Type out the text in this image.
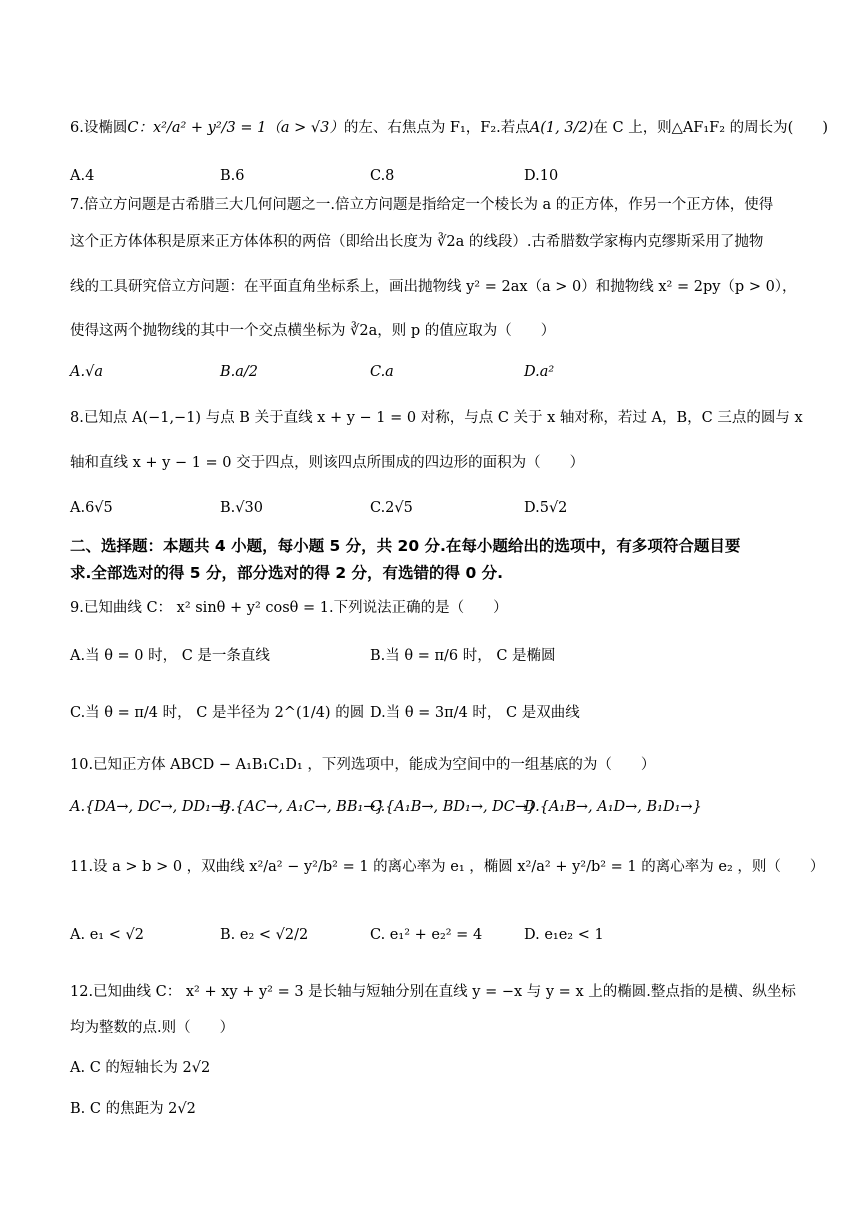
6.设椭圆C：x²/a² + y²/3 = 1（a > √3）的左、右焦点为 F₁，F₂.若点A(1, 3/2)在 C 上，则△AF₁F₂ 的周长为(　　)
A.4	B.6	C.8	D.10
7.倍立方问题是古希腊三大几何问题之一.倍立方问题是指给定一个棱长为 a 的正方体，作另一个正方体，使得
这个正方体体积是原来正方体体积的两倍（即给出长度为 ∛2a 的线段）.古希腊数学家梅内克缪斯采用了抛物
线的工具研究倍立方问题：在平面直角坐标系上，画出抛物线 y² = 2ax（a > 0）和抛物线 x² = 2py（p > 0），
使得这两个抛物线的其中一个交点横坐标为 ∛2a，则 p 的值应取为（　　）
A.√a	B.a/2	C.a	D.a²
8.已知点 A(−1,−1) 与点 B 关于直线 x + y − 1 = 0 对称，与点 C 关于 x 轴对称，若过 A，B，C 三点的圆与 x
轴和直线 x + y − 1 = 0 交于四点，则该四点所围成的四边形的面积为（　　）
A.6√5	B.√30	C.2√5	D.5√2
二、选择题：本题共 4 小题，每小题 5 分，共 20 分.在每小题给出的选项中，有多项符合题目要
求.全部选对的得 5 分，部分选对的得 2 分，有选错的得 0 分.
9.已知曲线 C： x² sinθ + y² cosθ = 1.下列说法正确的是（　　）
A.当 θ = 0 时， C 是一条直线	B.当 θ = π/6 时， C 是椭圆
C.当 θ = π/4 时， C 是半径为 2^(1/4) 的圆 D.当 θ = 3π/4 时， C 是双曲线
10.已知正方体 ABCD − A₁B₁C₁D₁ ，下列选项中，能成为空间中的一组基底的为（　　）
A.{DA→, DC→, DD₁→}
B.{AC→, A₁C→, BB₁→}
C.{A₁B→, BD₁→, DC→}
D.{A₁B→, A₁D→, B₁D₁→}
11.设 a > b > 0 ，双曲线 x²/a² − y²/b² = 1 的离心率为 e₁ ，椭圆 x²/a² + y²/b² = 1 的离心率为 e₂ ，则（　　）
A. e₁ < √2	B. e₂ < √2/2	C. e₁² + e₂² = 4	D. e₁e₂ < 1
12.已知曲线 C： x² + xy + y² = 3 是长轴与短轴分别在直线 y = −x 与 y = x 上的椭圆.整点指的是横、纵坐标
均为整数的点.则（　　）
A. C 的短轴长为 2√2
B. C 的焦距为 2√2
